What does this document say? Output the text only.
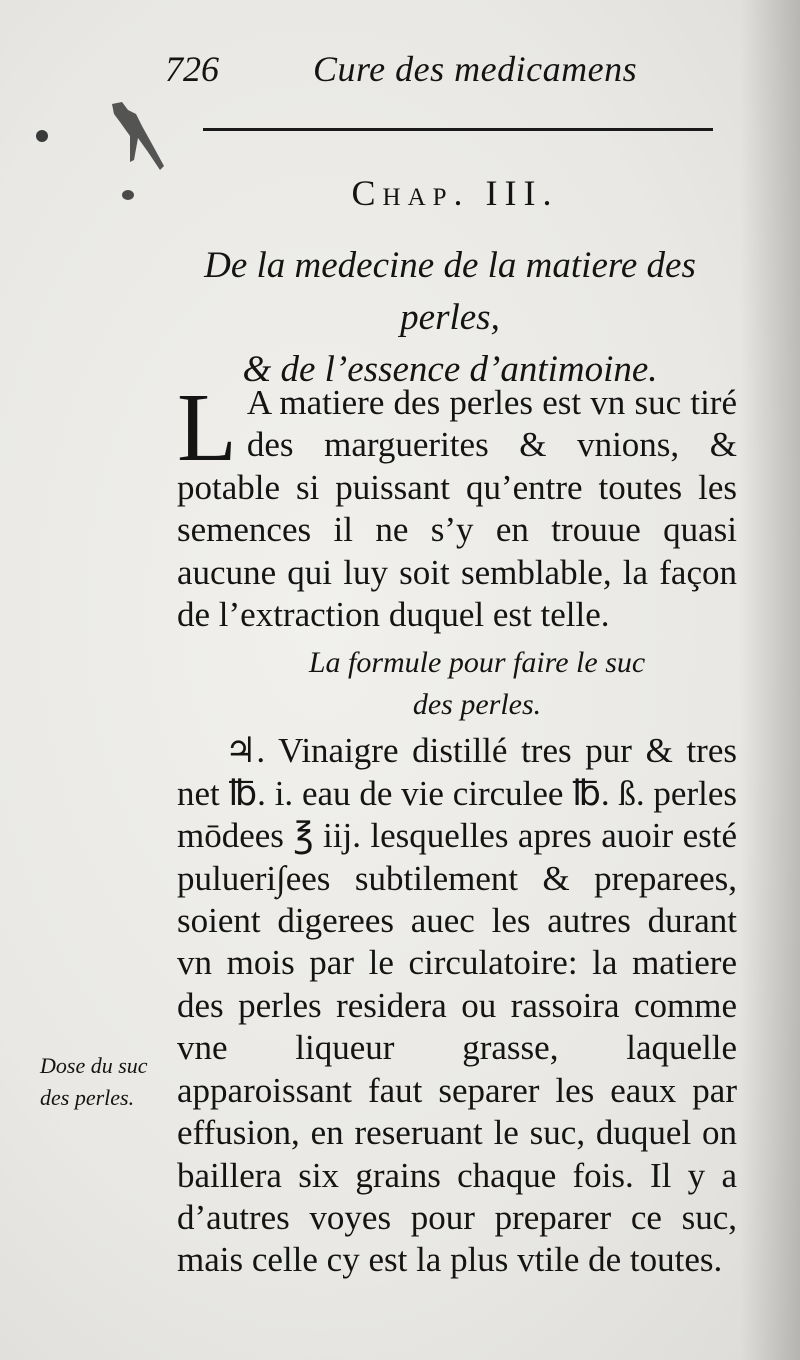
726	Cure des medicamens
Chap. III.
De la medecine de la matiere des perles,
& de l’essence d’antimoine.

L A matiere des perles est vn suc tiré des marguerites & vnions, & potable si puissant qu’entre toutes les semences il ne s’y en trouue quasi aucune qui luy soit semblable, la façon de l’extraction duquel est telle.

La formule pour faire le suc
des perles.

♃. Vinaigre distillé tres pur & tres net ℔. i. eau de vie circulee ℔. ß. perles mōdees ℥ iij. lesquelles apres auoir esté pulueri∫ees subtilement & preparees, soient digerees auec les autres durant vn mois par le circulatoire: la matiere des perles residera ou rassoira comme vne liqueur grasse, laquelle apparoissant faut separer les eaux par effusion, en reseruant le suc, duquel on baillera six grains chaque fois. Il y a d’autres voyes pour preparer ce suc, mais celle cy est la plus vtile de toutes.

Dose du suc
des perles.
